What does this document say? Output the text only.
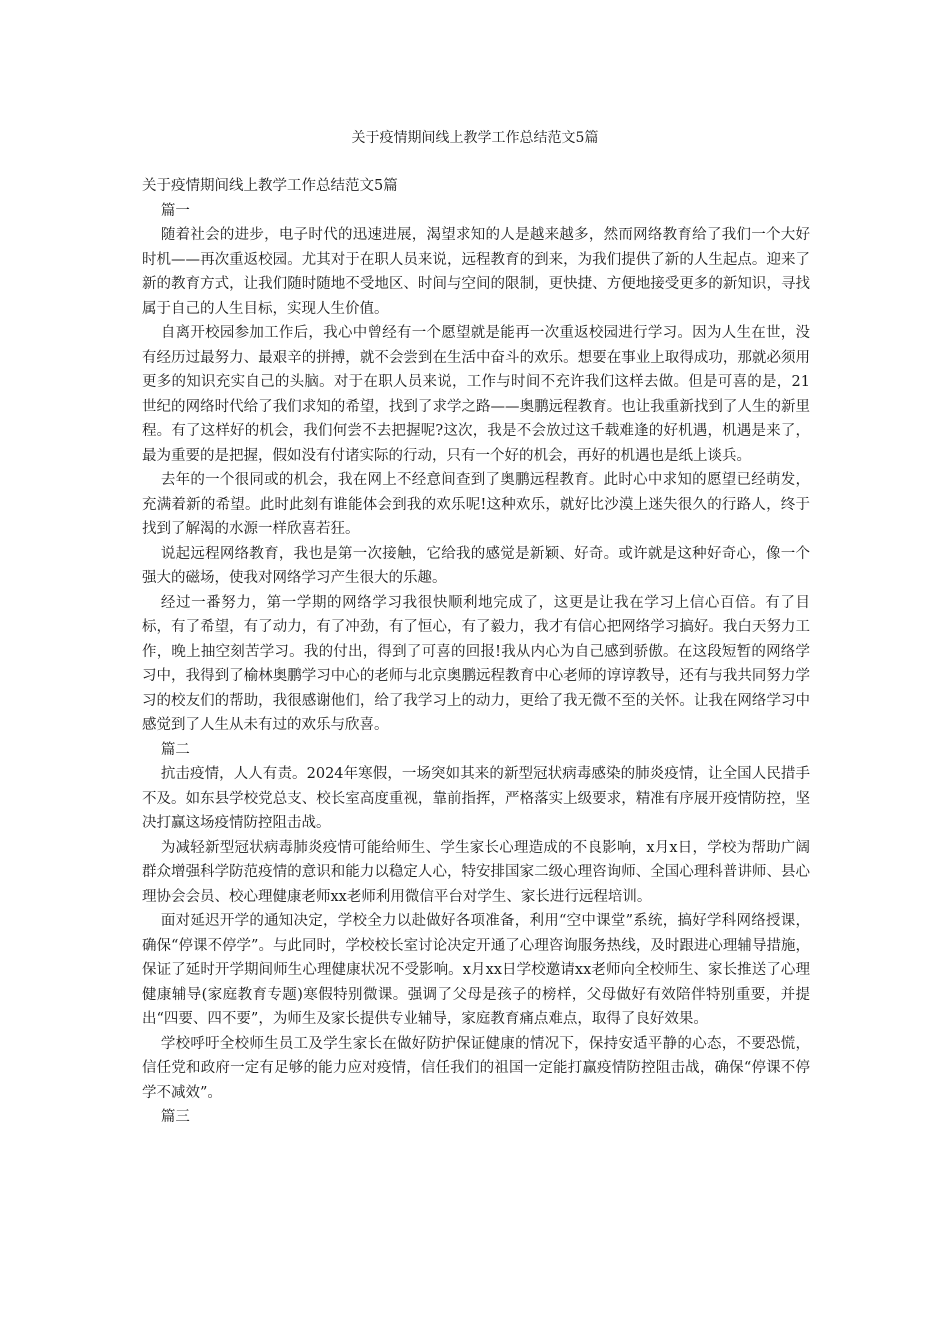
关于疫情期间线上教学工作总结范文5篇

关于疫情期间线上教学工作总结范文5篇

篇一

随着社会的进步，电子时代的迅速进展，渴望求知的人是越来越多，然而网络教育给了我们一个大好时机——再次重返校园。尤其对于在职人员来说，远程教育的到来，为我们提供了新的人生起点。迎来了新的教育方式，让我们随时随地不受地区、时间与空间的限制，更快捷、方便地接受更多的新知识，寻找属于自己的人生目标，实现人生价值。

自离开校园参加工作后，我心中曾经有一个愿望就是能再一次重返校园进行学习。因为人生在世，没有经历过最努力、最艰辛的拼搏，就不会尝到在生活中奋斗的欢乐。想要在事业上取得成功，那就必须用更多的知识充实自己的头脑。对于在职人员来说，工作与时间不充许我们这样去做。但是可喜的是，21世纪的网络时代给了我们求知的希望，找到了求学之路——奥鹏远程教育。也让我重新找到了人生的新里程。有了这样好的机会，我们何尝不去把握呢?这次，我是不会放过这千载难逢的好机遇，机遇是来了，最为重要的是把握，假如没有付诸实际的行动，只有一个好的机会，再好的机遇也是纸上谈兵。

去年的一个很同或的机会，我在网上不经意间查到了奥鹏远程教育。此时心中求知的愿望已经萌发，充满着新的希望。此时此刻有谁能体会到我的欢乐呢!这种欢乐，就好比沙漠上迷失很久的行路人，终于找到了解渴的水源一样欣喜若狂。

说起远程网络教育，我也是第一次接触，它给我的感觉是新颖、好奇。或许就是这种好奇心，像一个强大的磁场，使我对网络学习产生很大的乐趣。

经过一番努力，第一学期的网络学习我很快顺利地完成了，这更是让我在学习上信心百倍。有了目标，有了希望，有了动力，有了冲劲，有了恒心，有了毅力，我才有信心把网络学习搞好。我白天努力工作，晚上抽空刻苦学习。我的付出，得到了可喜的回报!我从内心为自己感到骄傲。在这段短暂的网络学习中，我得到了榆林奥鹏学习中心的老师与北京奥鹏远程教育中心老师的谆谆教导，还有与我共同努力学习的校友们的帮助，我很感谢他们，给了我学习上的动力，更给了我无微不至的关怀。让我在网络学习中感觉到了人生从未有过的欢乐与欣喜。

篇二

抗击疫情，人人有责。2024年寒假，一场突如其来的新型冠状病毒感染的肺炎疫情，让全国人民措手不及。如东县学校党总支、校长室高度重视，靠前指挥，严格落实上级要求，精准有序展开疫情防控，坚决打赢这场疫情防控阻击战。

为减轻新型冠状病毒肺炎疫情可能给师生、学生家长心理造成的不良影响，x月x日，学校为帮助广阔群众增强科学防范疫情的意识和能力以稳定人心，特安排国家二级心理咨询师、全国心理科普讲师、县心理协会会员、校心理健康老师xx老师利用微信平台对学生、家长进行远程培训。

面对延迟开学的通知决定，学校全力以赴做好各项准备，利用“空中课堂”系统，搞好学科网络授课，确保“停课不停学”。与此同时，学校校长室讨论决定开通了心理咨询服务热线，及时跟进心理辅导措施，保证了延时开学期间师生心理健康状况不受影响。x月xx日学校邀请xx老师向全校师生、家长推送了心理健康辅导(家庭教育专题)寒假特别微课。强调了父母是孩子的榜样，父母做好有效陪伴特别重要，并提出“四要、四不要”，为师生及家长提供专业辅导，家庭教育痛点难点，取得了良好效果。

学校呼吁全校师生员工及学生家长在做好防护保证健康的情况下，保持安适平静的心态，不要恐慌，信任党和政府一定有足够的能力应对疫情，信任我们的祖国一定能打赢疫情防控阻击战，确保“停课不停学不减效”。

篇三
